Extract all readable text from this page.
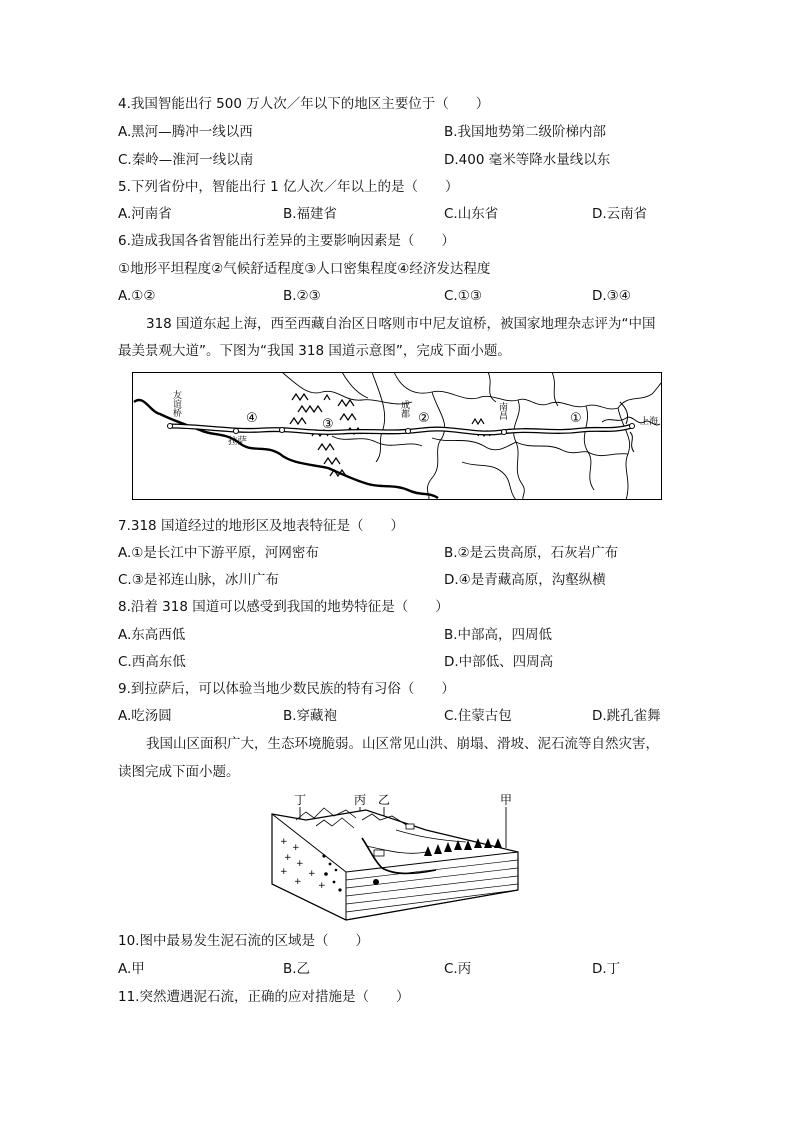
4.我国智能出行 500 万人次／年以下的地区主要位于（　　）
A.黑河—腾冲一线以西	B.我国地势第二级阶梯内部
C.秦岭—淮河一线以南	D.400 毫米等降水量线以东
5.下列省份中，智能出行 1 亿人次／年以上的是（　　）
A.河南省	B.福建省	C.山东省	D.云南省
6.造成我国各省智能出行差异的主要影响因素是（　　）
①地形平坦程度②气候舒适程度③人口密集程度④经济发达程度
A.①②	B.②③	C.①③	D.③④
318 国道东起上海，西至西藏自治区日喀则市中尼友谊桥，被国家地理杂志评为“中国
最美景观大道”。下图为“我国 318 国道示意图”，完成下面小题。
友谊桥
拉萨
成都	南昌
上海
④	③	②	①
7.318 国道经过的地形区及地表特征是（　　）
A.①是长江中下游平原，河网密布	B.②是云贵高原，石灰岩广布
C.③是祁连山脉，冰川广布	D.④是青藏高原，沟壑纵横
8.沿着 318 国道可以感受到我国的地势特征是（　　）
A.东高西低	B.中部高，四周低
C.西高东低	D.中部低、四周高
9.到拉萨后，可以体验当地少数民族的特有习俗（　　）
A.吃汤圆	B.穿藏袍	C.住蒙古包	D.跳孔雀舞
我国山区面积广大，生态环境脆弱。山区常见山洪、崩塌、滑坡、泥石流等自然灾害，
读图完成下面小题。
丁	丙 乙	甲
+
+
+
+
+ +
+ +
10.图中最易发生泥石流的区域是（　　）
A.甲	B.乙	C.丙	D.丁
11.突然遭遇泥石流，正确的应对措施是（　　）
